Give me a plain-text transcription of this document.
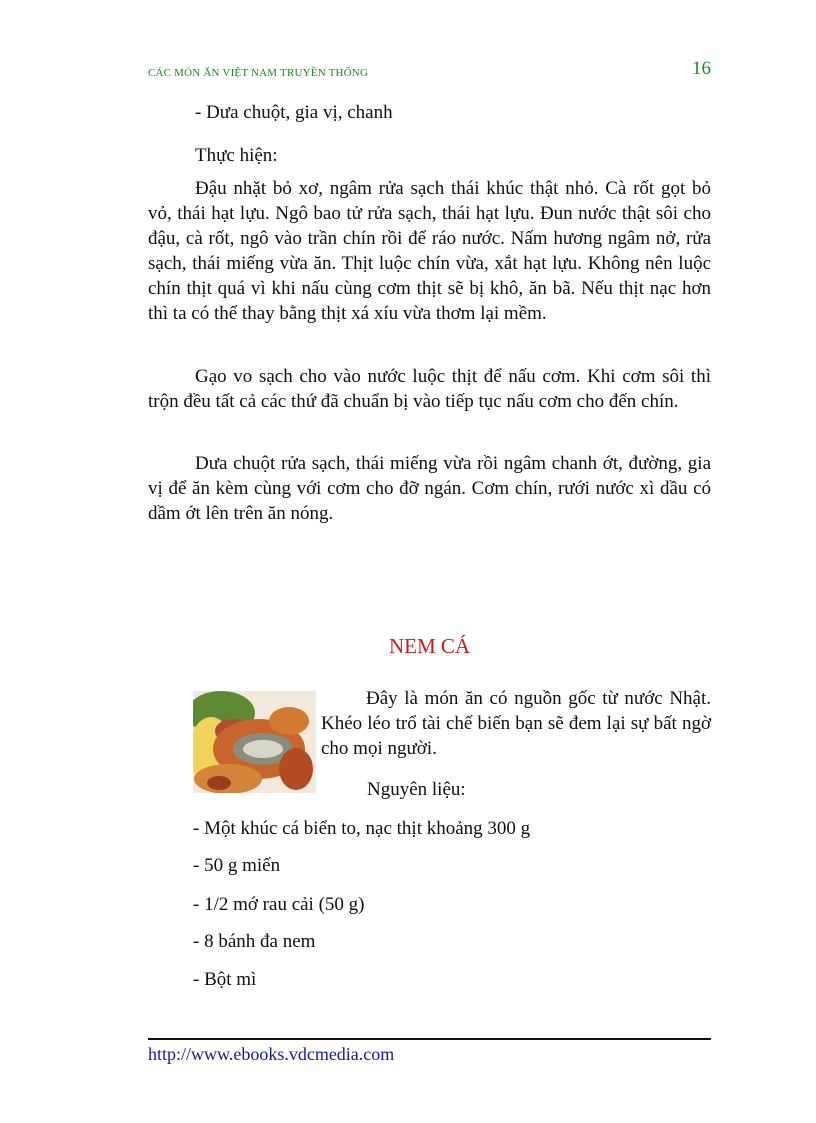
CÁC MÓN ĂN VIỆT NAM TRUYỀN THỐNG	16

- Dưa chuột, gia vị, chanh

Thực hiện:

Đậu nhặt bỏ xơ, ngâm rửa sạch thái khúc thật nhỏ. Cà rốt gọt bỏ vỏ, thái hạt lựu. Ngô bao tử rửa sạch, thái hạt lựu. Đun nước thật sôi cho đậu, cà rốt, ngô vào trần chín rồi để ráo nước. Nấm hương ngâm nở, rửa sạch, thái miếng vừa ăn. Thịt luộc chín vừa, xắt hạt lựu. Không nên luộc chín thịt quá vì khi nấu cùng cơm thịt sẽ bị khô, ăn bã. Nếu thịt nạc hơn thì ta có thể thay bằng thịt xá xíu vừa thơm lại mềm.

Gạo vo sạch cho vào nước luộc thịt để nấu cơm. Khi cơm sôi thì trộn đều tất cả các thứ đã chuẩn bị vào tiếp tục nấu cơm cho đến chín.

Dưa chuột rửa sạch, thái miếng vừa rồi ngâm chanh ớt, đường, gia vị để ăn kèm cùng với cơm cho đỡ ngán. Cơm chín, rưới nước xì dầu có dầm ớt lên trên ăn nóng.

NEM CÁ

Đây là món ăn có nguồn gốc từ nước Nhật. Khéo léo trổ tài chế biến bạn sẽ đem lại sự bất ngờ cho mọi người.

Nguyên liệu:
- Một khúc cá biển to, nạc thịt khoảng 300 g
- 50 g miến
- 1/2 mớ rau cải (50 g)
- 8 bánh đa nem
- Bột mì
http://www.ebooks.vdcmedia.com
